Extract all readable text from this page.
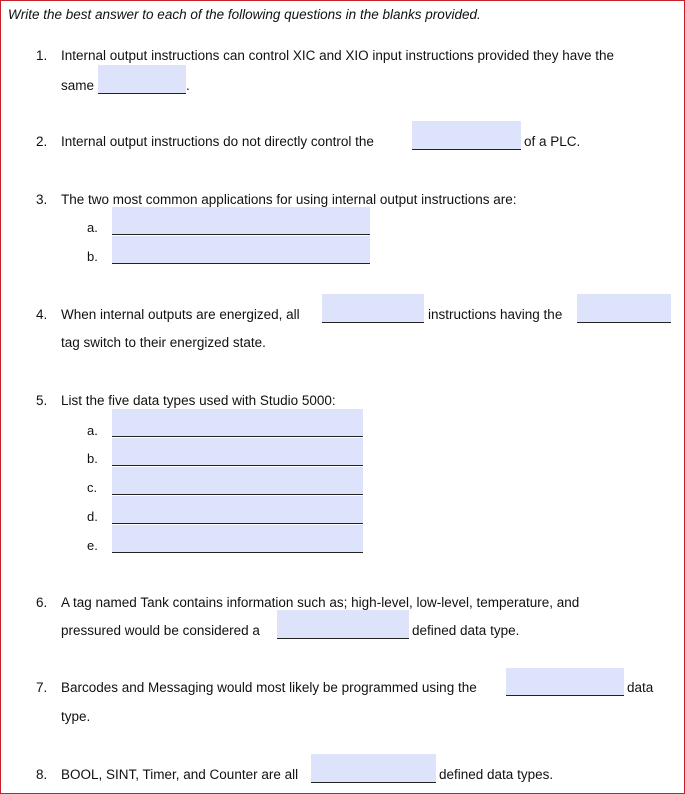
Write the best answer to each of the following questions in the blanks provided.
1.	Internal output instructions can control XIC and XIO input instructions provided they have the
same	.
2.	Internal output instructions do not directly control the	of a PLC.
3.	The two most common applications for using internal output instructions are:
a.
b.
4.	When internal outputs are energized, all	instructions having the
tag switch to their energized state.
5.	List the five data types used with Studio 5000:
a.
b.
c.
d.
e.
6.	A tag named Tank contains information such as; high-level, low-level, temperature, and
pressured would be considered a	defined data type.
7.	Barcodes and Messaging would most likely be programmed using the	data
type.
8.	BOOL, SINT, Timer, and Counter are all	defined data types.
